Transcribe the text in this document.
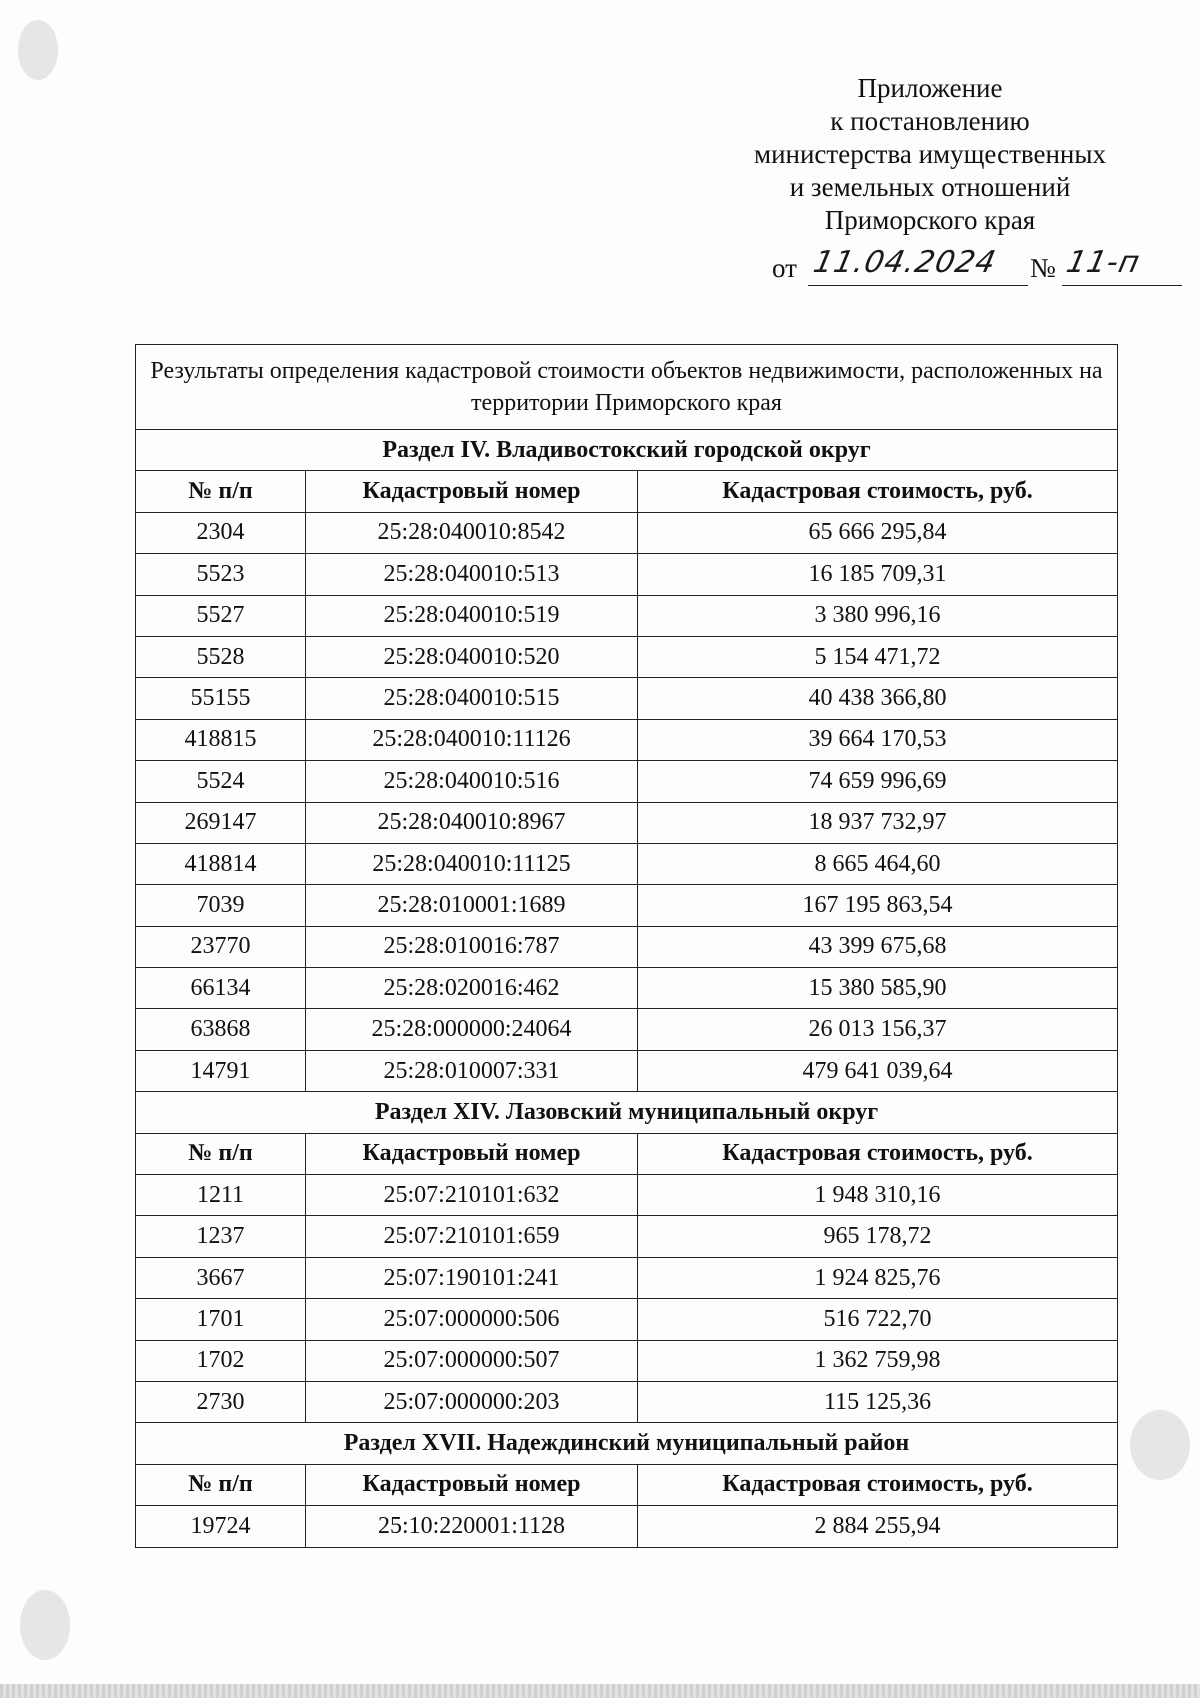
Приложение
к постановлению
министерства имущественных
и земельных отношений
Приморского края
от 11.04.2024 № 11-п
Результаты определения кадастровой стоимости объектов недвижимости, расположенных на территории Приморского края		
Раздел IV. Владивостокский городской округ		
№ п/п	Кадастровый номер	Кадастровая стоимость, руб.
2304	25:28:040010:8542	65 666 295,84
5523	25:28:040010:513	16 185 709,31
5527	25:28:040010:519	3 380 996,16
5528	25:28:040010:520	5 154 471,72
55155	25:28:040010:515	40 438 366,80
418815	25:28:040010:11126	39 664 170,53
5524	25:28:040010:516	74 659 996,69
269147	25:28:040010:8967	18 937 732,97
418814	25:28:040010:11125	8 665 464,60
7039	25:28:010001:1689	167 195 863,54
23770	25:28:010016:787	43 399 675,68
66134	25:28:020016:462	15 380 585,90
63868	25:28:000000:24064	26 013 156,37
14791	25:28:010007:331	479 641 039,64
Раздел XIV. Лазовский муниципальный округ		
№ п/п	Кадастровый номер	Кадастровая стоимость, руб.
1211	25:07:210101:632	1 948 310,16
1237	25:07:210101:659	965 178,72
3667	25:07:190101:241	1 924 825,76
1701	25:07:000000:506	516 722,70
1702	25:07:000000:507	1 362 759,98
2730	25:07:000000:203	115 125,36
Раздел XVII. Надеждинский муниципальный район		
№ п/п	Кадастровый номер	Кадастровая стоимость, руб.
19724	25:10:220001:1128	2 884 255,94
